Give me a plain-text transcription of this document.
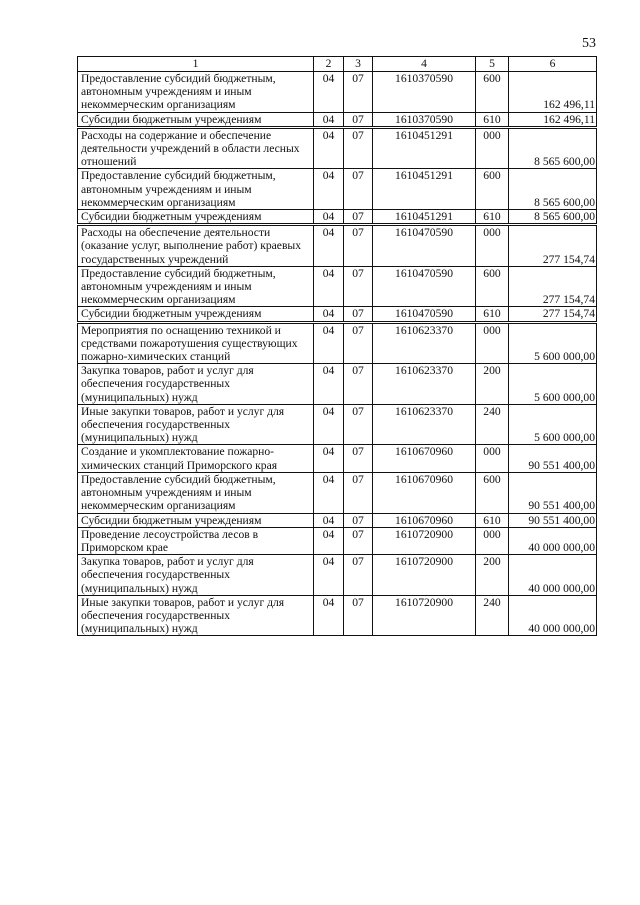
53
1	2	3	4	5	6
Предоставление субсидий бюджетным, автономным учреждениям и иным некоммерческим организациям	04	07	1610370590	600	162 496,11
Субсидии бюджетным учреждениям	04	07	1610370590	610	162 496,11
Расходы на содержание и обеспечение деятельности учреждений в области лесных отношений	04	07	1610451291	000	8 565 600,00
Предоставление субсидий бюджетным, автономным учреждениям и иным некоммерческим организациям	04	07	1610451291	600	8 565 600,00
Субсидии бюджетным учреждениям	04	07	1610451291	610	8 565 600,00
Расходы на обеспечение деятельности (оказание услуг, выполнение работ) краевых государственных учреждений	04	07	1610470590	000	277 154,74
Предоставление субсидий бюджетным, автономным учреждениям и иным некоммерческим организациям	04	07	1610470590	600	277 154,74
Субсидии бюджетным учреждениям	04	07	1610470590	610	277 154,74
Мероприятия по оснащению техникой и средствами пожаротушения существующих пожарно-химических станций	04	07	1610623370	000	5 600 000,00
Закупка товаров, работ и услуг для обеспечения государственных (муниципальных) нужд	04	07	1610623370	200	5 600 000,00
Иные закупки товаров, работ и услуг для обеспечения государственных (муниципальных) нужд	04	07	1610623370	240	5 600 000,00
Создание и укомплектование пожарно-химических станций Приморского края	04	07	1610670960	000	90 551 400,00
Предоставление субсидий бюджетным, автономным учреждениям и иным некоммерческим организациям	04	07	1610670960	600	90 551 400,00
Субсидии бюджетным учреждениям	04	07	1610670960	610	90 551 400,00
Проведение лесоустройства лесов в Приморском крае	04	07	1610720900	000	40 000 000,00
Закупка товаров, работ и услуг для обеспечения государственных (муниципальных) нужд	04	07	1610720900	200	40 000 000,00
Иные закупки товаров, работ и услуг для обеспечения государственных (муниципальных) нужд	04	07	1610720900	240	40 000 000,00
